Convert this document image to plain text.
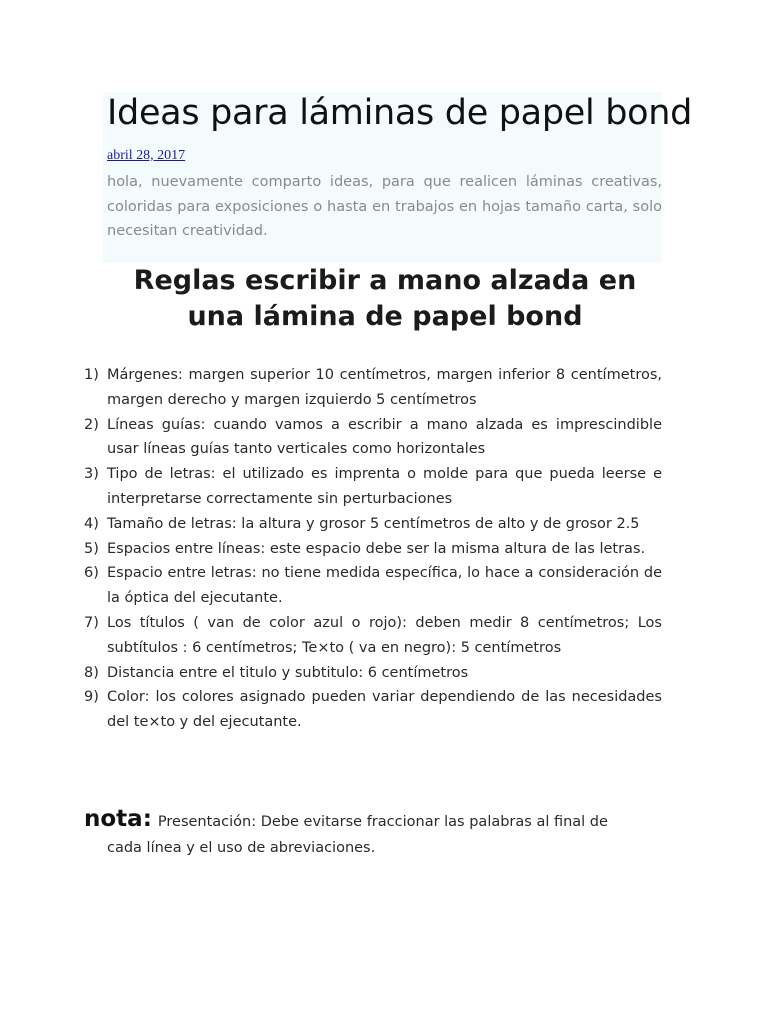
Ideas para láminas de papel bond
abril 28, 2017
hola, nuevamente comparto ideas, para que realicen láminas creativas, coloridas para exposiciones o hasta en trabajos en hojas tamaño carta, solo necesitan creatividad.
Reglas escribir a mano alzada en
una lámina de papel bond
1) Márgenes: margen superior 10 centímetros, margen inferior 8 centímetros, margen derecho y margen izquierdo 5 centímetros
2) Líneas guías: cuando vamos a escribir a mano alzada es imprescindible usar líneas guías tanto verticales como horizontales
3) Tipo de letras: el utilizado es imprenta o molde para que pueda leerse e interpretarse correctamente sin perturbaciones
4) Tamaño de letras: la altura y grosor 5 centímetros de alto y de grosor 2.5
5) Espacios entre líneas: este espacio debe ser la misma altura de las letras.
6) Espacio entre letras: no tiene medida específica, lo hace a consideración de la óptica del ejecutante.
7) Los títulos ( van de color azul o rojo): deben medir 8 centímetros; Los subtítulos : 6 centímetros; Te×to ( va en negro): 5 centímetros
8) Distancia entre el titulo y subtitulo: 6 centímetros
9) Color: los colores asignado pueden variar dependiendo de las necesidades del te×to y del ejecutante.
nota: Presentación: Debe evitarse fraccionar las palabras al final de
cada línea y el uso de abreviaciones.
